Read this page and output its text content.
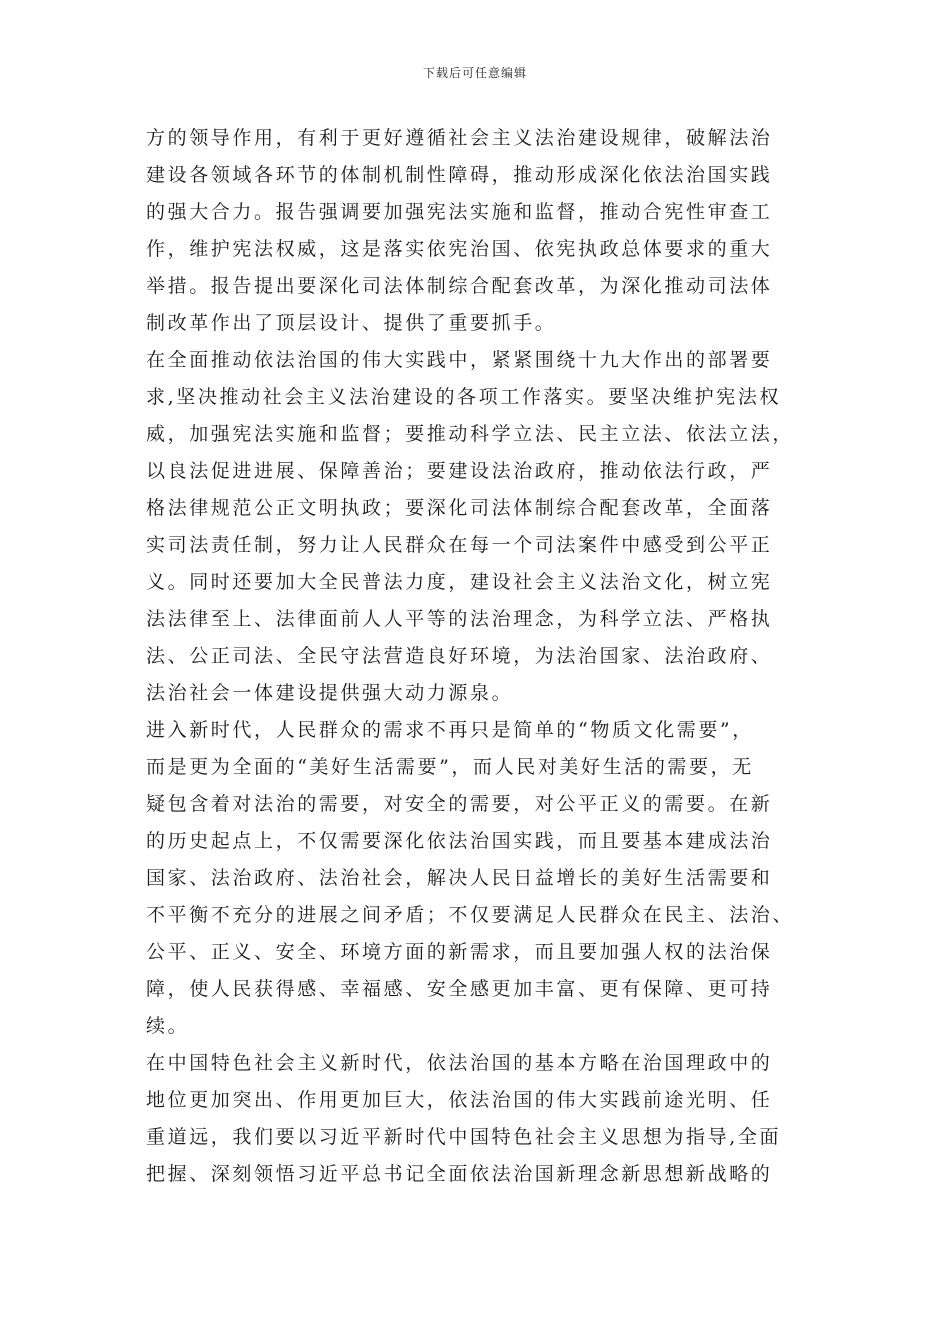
下载后可任意编辑

方的领导作用，有利于更好遵循社会主义法治建设规律，破解法治
建设各领域各环节的体制机制性障碍，推动形成深化依法治国实践
的强大合力。报告强调要加强宪法实施和监督，推动合宪性审查工
作，维护宪法权威，这是落实依宪治国、依宪执政总体要求的重大
举措。报告提出要深化司法体制综合配套改革，为深化推动司法体
制改革作出了顶层设计、提供了重要抓手。

在全面推动依法治国的伟大实践中，紧紧围绕十九大作出的部署要
求,坚决推动社会主义法治建设的各项工作落实。要坚决维护宪法权
威，加强宪法实施和监督；要推动科学立法、民主立法、依法立法，
以良法促进进展、保障善治；要建设法治政府，推动依法行政，严
格法律规范公正文明执政；要深化司法体制综合配套改革，全面落
实司法责任制，努力让人民群众在每一个司法案件中感受到公平正
义。同时还要加大全民普法力度，建设社会主义法治文化，树立宪
法法律至上、法律面前人人平等的法治理念，为科学立法、严格执
法、公正司法、全民守法营造良好环境，为法治国家、法治政府、
法治社会一体建设提供强大动力源泉。

进入新时代，人民群众的需求不再只是简单的“物质文化需要”，
而是更为全面的“美好生活需要”，而人民对美好生活的需要，无
疑包含着对法治的需要，对安全的需要，对公平正义的需要。在新
的历史起点上，不仅需要深化依法治国实践，而且要基本建成法治
国家、法治政府、法治社会，解决人民日益增长的美好生活需要和
不平衡不充分的进展之间矛盾；不仅要满足人民群众在民主、法治、
公平、正义、安全、环境方面的新需求，而且要加强人权的法治保
障，使人民获得感、幸福感、安全感更加丰富、更有保障、更可持
续。

在中国特色社会主义新时代，依法治国的基本方略在治国理政中的
地位更加突出、作用更加巨大，依法治国的伟大实践前途光明、任
重道远，我们要以习近平新时代中国特色社会主义思想为指导,全面
把握、深刻领悟习近平总书记全面依法治国新理念新思想新战略的
